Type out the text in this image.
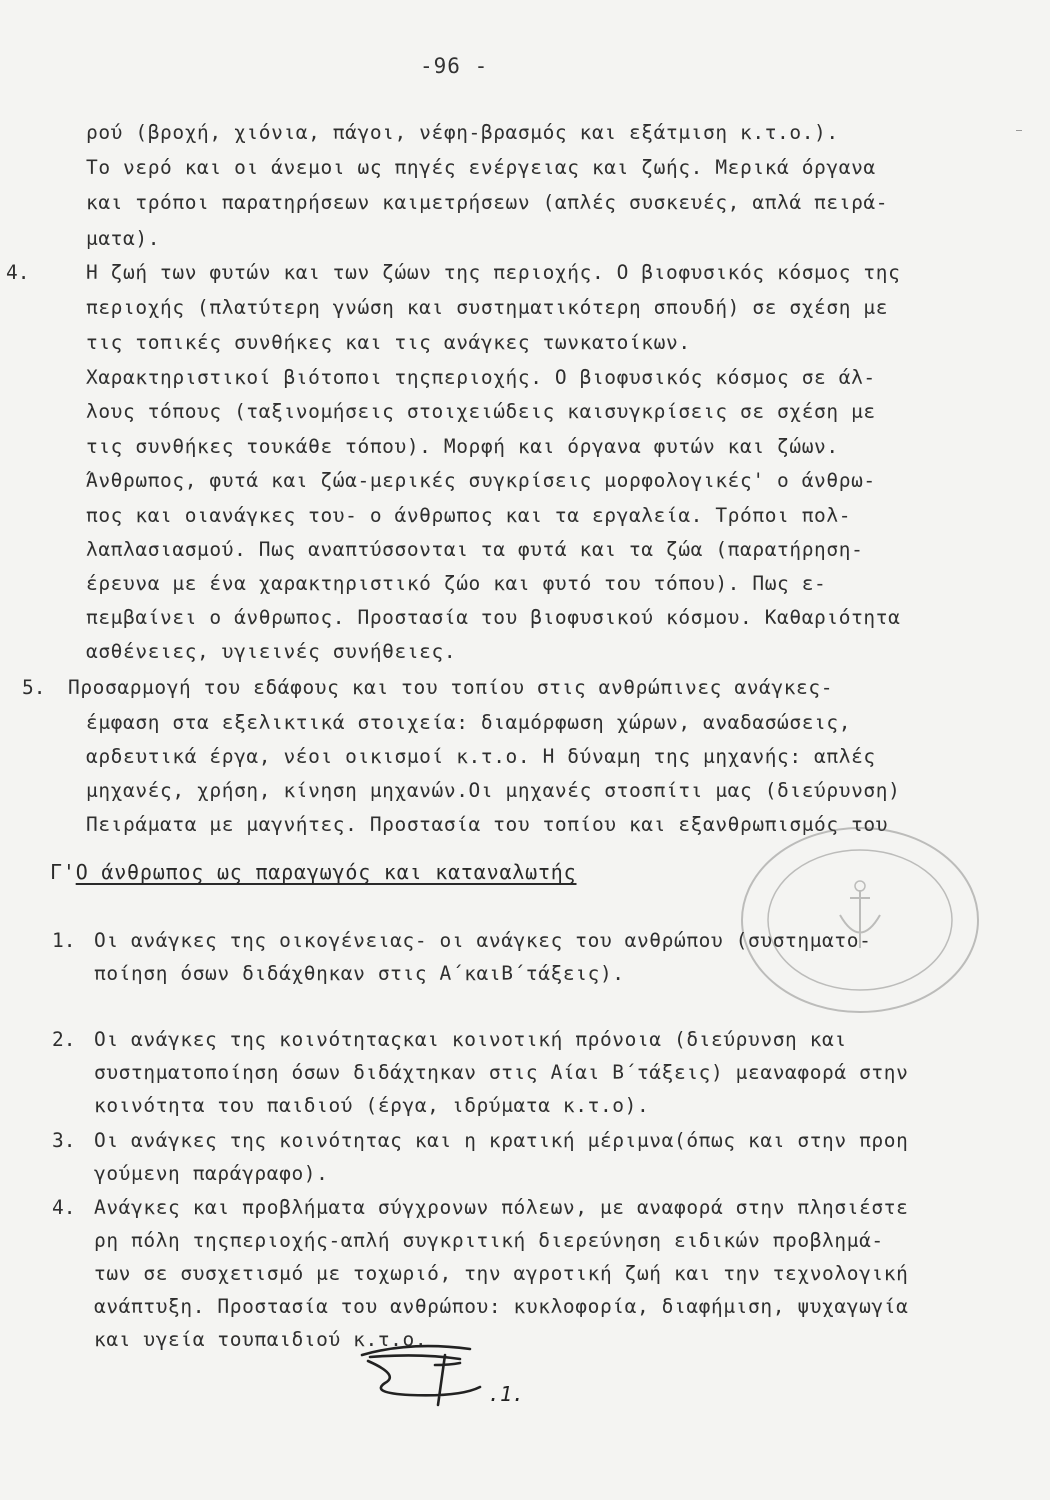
-96 -
ρού (βροχή, χιόνια, πάγοι, νέφη-βρασμός και εξάτμιση κ.τ.ο.).
Το νερό και οι άνεμοι ως πηγές ενέργειας και ζωής. Μερικά όργανα
και τρόποι παρατηρήσεων καιμετρήσεων (απλές συσκευές, απλά πειρά-
ματα).
4.	Η ζωή των φυτών και των ζώων της περιοχής. Ο βιοφυσικός κόσμος της
περιοχής (πλατύτερη γνώση και συστηματικότερη σπουδή) σε σχέση με
τις τοπικές συνθήκες και τις ανάγκες τωνκατοίκων.
Χαρακτηριστικοί βιότοποι τηςπεριοχής. Ο βιοφυσικός κόσμος σε άλ-
λους τόπους (ταξινομήσεις στοιχειώδεις καισυγκρίσεις σε σχέση με
τις συνθήκες τουκάθε τόπου). Μορφή και όργανα φυτών και ζώων.
Άνθρωπος, φυτά και ζώα-μερικές συγκρίσεις μορφολογικές' ο άνθρω-
πος και οιανάγκες του- ο άνθρωπος και τα εργαλεία. Τρόποι πολ-
λαπλασιασμού. Πως αναπτύσσονται τα φυτά και τα ζώα (παρατήρηση-
έρευνα με ένα χαρακτηριστικό ζώο και φυτό του τόπου). Πως ε-
πεμβαίνει ο άνθρωπος. Προστασία του βιοφυσικού κόσμου. Καθαριότητα
ασθένειες, υγιεινές συνήθειες.
5. Προσαρμογή του εδάφους και του τοπίου στις ανθρώπινες ανάγκες-
έμφαση στα εξελικτικά στοιχεία: διαμόρφωση χώρων, αναδασώσεις,
αρδευτικά έργα, νέοι οικισμοί κ.τ.ο. Η δύναμη της μηχανής: απλές
μηχανές, χρήση, κίνηση μηχανών.Οι μηχανές στοσπίτι μας (διεύρυνση)
Πειράματα με μαγνήτες. Προστασία του τοπίου και εξανθρωπισμός του
Γ'Ο άνθρωπος ως παραγωγός και καταναλωτής
1. Οι ανάγκες της οικογένειας- οι ανάγκες του ανθρώπου (συστηματο-
ποίηση όσων διδάχθηκαν στις Α΄καιΒ΄τάξεις).
2. Οι ανάγκες της κοινότηταςκαι κοινοτική πρόνοια (διεύρυνση και
συστηματοποίηση όσων διδάχτηκαν στις Αίαι Β΄τάξεις) μεαναφορά στην
κοινότητα του παιδιού (έργα, ιδρύματα κ.τ.ο).
3. Οι ανάγκες της κοινότητας και η κρατική μέριμνα(όπως και στην προη
γούμενη παράγραφο).
4. Ανάγκες και προβλήματα σύγχρονων πόλεων, με αναφορά στην πλησιέστε
ρη πόλη τηςπεριοχής-απλή συγκριτική διερεύνηση ειδικών προβλημά-
των σε συσχετισμό με τοχωριό, την αγροτική ζωή και την τεχνολογική
ανάπτυξη. Προστασία του ανθρώπου: κυκλοφορία, διαφήμιση, ψυχαγωγία
και υγεία τουπαιδιού κ.τ.ο.
.1.
